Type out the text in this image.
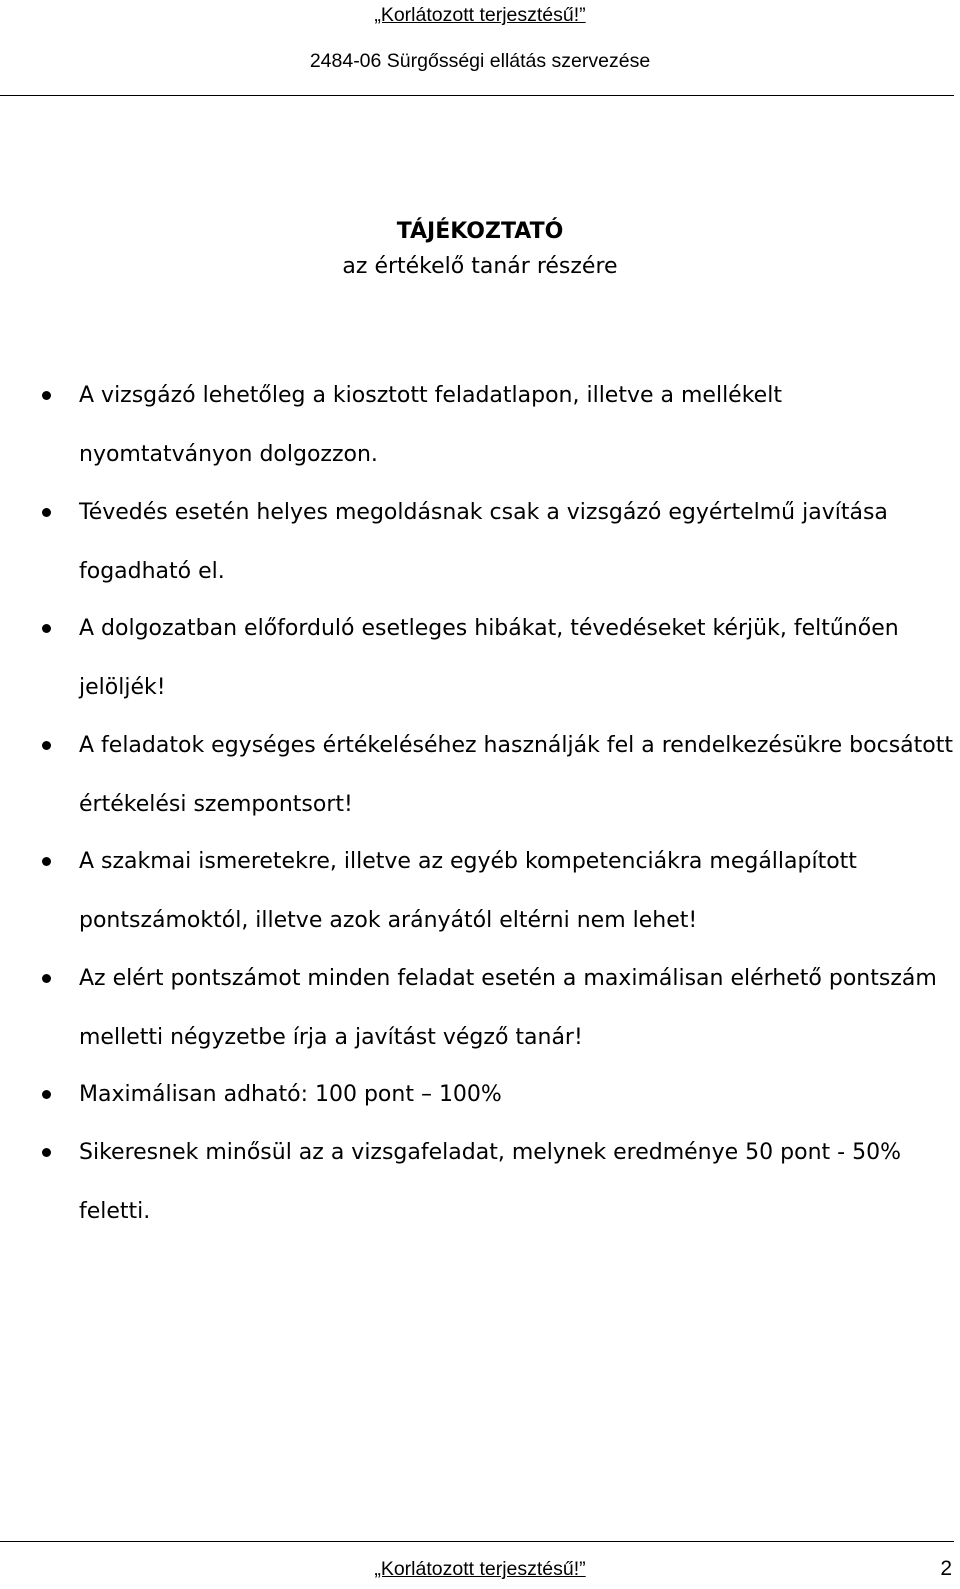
„Korlátozott terjesztésű!”
2484-06 Sürgősségi ellátás szervezése
TÁJÉKOZTATÓ
az értékelő tanár részére
A vizsgázó lehetőleg a kiosztott feladatlapon, illetve a mellékelt
nyomtatványon dolgozzon.
Tévedés esetén helyes megoldásnak csak a vizsgázó egyértelmű javítása
fogadható el.
A dolgozatban előforduló esetleges hibákat, tévedéseket kérjük, feltűnően
jelöljék!
A feladatok egységes értékeléséhez használják fel a rendelkezésükre bocsátott
értékelési szempontsort!
A szakmai ismeretekre, illetve az egyéb kompetenciákra megállapított
pontszámoktól, illetve azok arányától eltérni nem lehet!
Az elért pontszámot minden feladat esetén a maximálisan elérhető pontszám
melletti négyzetbe írja a javítást végző tanár!
Maximálisan adható: 100 pont – 100%
Sikeresnek minősül az a vizsgafeladat, melynek eredménye 50 pont - 50%
feletti.
„Korlátozott terjesztésű!”	2
